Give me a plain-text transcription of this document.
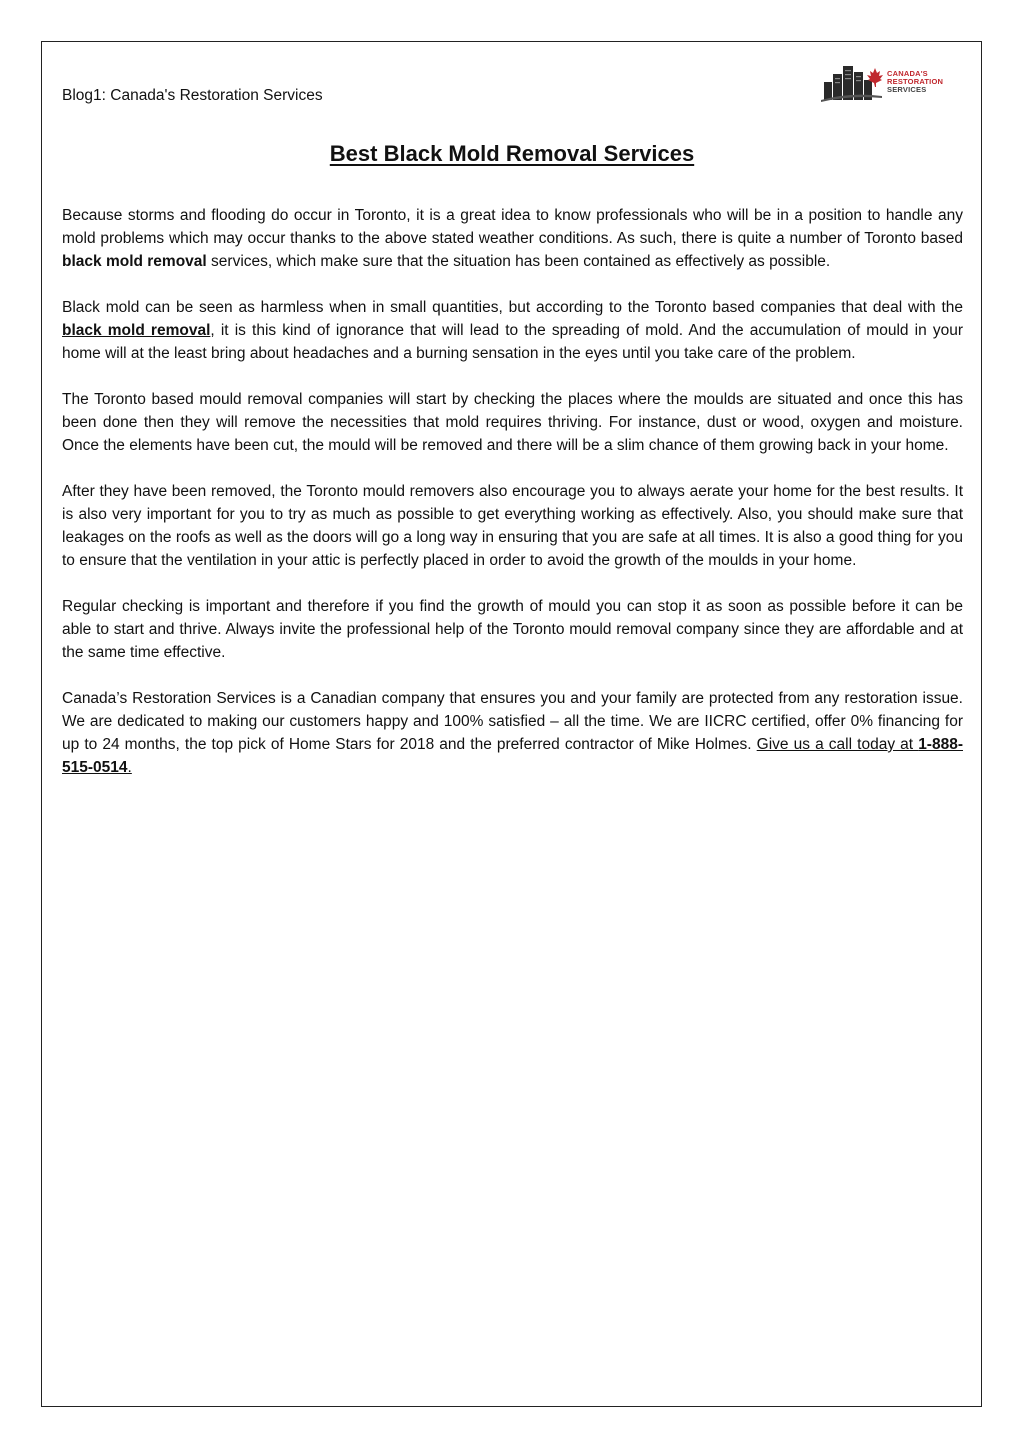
Blog1: Canada's Restoration Services
CANADA'S
RESTORATION
SERVICES
Best Black Mold Removal Services

Because storms and flooding do occur in Toronto, it is a great idea to know professionals who will be in a position to handle any mold problems which may occur thanks to the above stated weather conditions. As such, there is quite a number of Toronto based black mold removal services, which make sure that the situation has been contained as effectively as possible.

Black mold can be seen as harmless when in small quantities, but according to the Toronto based companies that deal with the black mold removal, it is this kind of ignorance that will lead to the spreading of mold. And the accumulation of mould in your home will at the least bring about headaches and a burning sensation in the eyes until you take care of the problem.

The Toronto based mould removal companies will start by checking the places where the moulds are situated and once this has been done then they will remove the necessities that mold requires thriving. For instance, dust or wood, oxygen and moisture. Once the elements have been cut, the mould will be removed and there will be a slim chance of them growing back in your home.

After they have been removed, the Toronto mould removers also encourage you to always aerate your home for the best results. It is also very important for you to try as much as possible to get everything working as effectively. Also, you should make sure that leakages on the roofs as well as the doors will go a long way in ensuring that you are safe at all times. It is also a good thing for you to ensure that the ventilation in your attic is perfectly placed in order to avoid the growth of the moulds in your home.

Regular checking is important and therefore if you find the growth of mould you can stop it as soon as possible before it can be able to start and thrive. Always invite the professional help of the Toronto mould removal company since they are affordable and at the same time effective.

Canada’s Restoration Services is a Canadian company that ensures you and your family are protected from any restoration issue. We are dedicated to making our customers happy and 100% satisfied – all the time. We are IICRC certified, offer 0% financing for up to 24 months, the top pick of Home Stars for 2018 and the preferred contractor of Mike Holmes. Give us a call today at 1-888-515-0514.
